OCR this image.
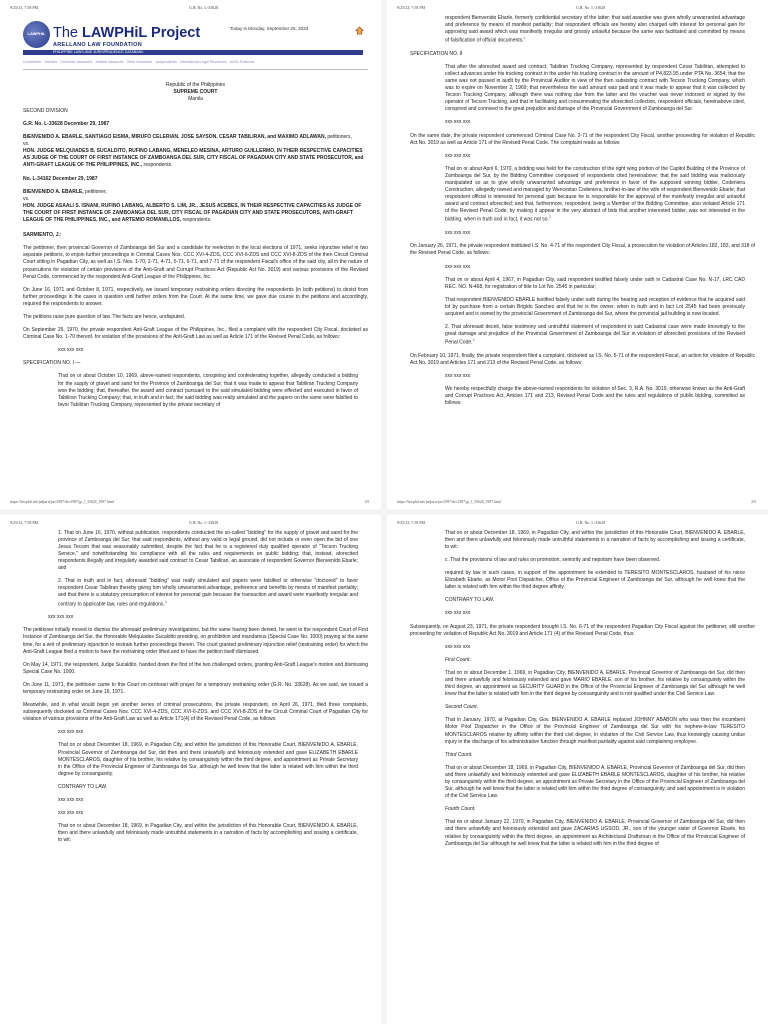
9/25/23, 7:58 PM	G.R. No. L-33628
LAWPHiL The LAWPHiL Project
ARELLANO LAW FOUNDATION
PHILIPPINE LAWS AND JURISPRUDENCE DATABANK
Today is Monday, September 25, 2023
Constitution Statutes Executive Issuances Judicial Issuances Other Issuances Jurisprudence International Legal Resources AUSL Exclusive
Republic of the Philippines
SUPREME COURT
Manila

SECOND DIVISION

G.R. No. L-33628 December 29, 1987

BIENVENIDO A. EBARLE, SANTIAGO EISMA, MIRUFO CELERIAN, JOSE SAYSON, CESAR TABILIRAN, and MAXIMO ADLAWAN, petitioners,
vs.
HON. JUDGE MELQUIADES B. SUCALDITO, RUFINO LABANG, MENELEO MESINA, ARTURO GUILLERMO, IN THEIR RESPECTIVE CAPACITIES AS JUDGE OF THE COURT OF FIRST INSTANCE OF ZAMBOANGA DEL SUR, CITY FISCAL OF PAGADIAN CITY AND STATE PROSECUTOR, and ANTI-GRAFT LEAGUE OF THE PHILIPPINES, INC., respondents.

No. L-34162 December 29, 1987

BIENVENIDO A. EBARLE, petitioner,
vs.
HON. JUDGE ASAALI S. ISNANI, RUFINO LABANG, ALBERTO S. LIM, JR., JESUS ACEBES, IN THEIR RESPECTIVE CAPACITIES AS JUDGE OF THE COURT OF FIRST INSTANCE OF ZAMBOANGA DEL SUR, CITY FISCAL OF PAGADIAN CITY AND STATE PROSECUTORS, ANTI-GRAFT LEAGUE OF THE PHILIPPINES, INC., and ARTEMIO ROMANILLOS, respondents.

SARMIENTO, J.:

The petitioner, then provincial Governor of Zamboanga del Sur and a candidate for reelection in the local elections of 1971, seeks injunctive relief in two separate petitions, to enjoin further proceedings in Criminal Cases Nos. CCC XVI-4-ZDS, CCC XVI-6-ZDS and CCC XVI-8-ZDS of the then Circuit Criminal Court sitting in Pagadian City, as well as I.S. Nos. 1-70, 2-71, 4-71, 5-71, 6-71, and 7-71 of the respondent Fiscal's office of the said city, all in the nature of prosecutions for violation of certain provisions of the Anti-Graft and Corrupt Practices Act (Republic Act No. 3019) and various provisions of the Revised Penal Code, commenced by the respondent Anti-Graft League of the Philippines, Inc.

On June 16, 1971 and October 8, 1971, respectively, we issued temporary restraining orders directing the respondents (in both petitions) to desist from further proceedings in the cases in question until further orders from the Court. At the same time, we gave due course to the petitions and accordingly, required the respondents to answer.

The petitions raise pure question of law. The facts are hence, undisputed.

On September 26, 1970, the private respondent Anti-Graft League of the Philippines, Inc., filed a complaint with the respondent City Fiscal, docketed as Criminal Case No. 1-70 thereof, for violation of the provisions of the Anti-Graft Law as well as Article 171 of the Revised Penal Code, as follows:

xxx xxx xxx

SPECIFICATION NO. I —

That on or about October 10, 1969, above-named respondents, conspiring and confederating together, allegedly conducted a bidding for the supply of gravel and sand for the Province of Zamboanga del Sur; that it was made to appear that Tabiliran Trucking Company won the bidding; that, thereafter, the award and contract pursuant to the said simulated bidding were effected and executed in favor of Tabiliran Trucking Company; that, in truth and in fact, the said bidding was really simulated and the papers on the same were falsified to favor Tabiliran Trucking Company, represented by the private secretary of

https://lawphil.net/judjuris/juri1987/dec1987/gr_l_33628_1987.html	1/9
9/25/23, 7:58 PM	G.R. No. L-33628

respondent Bienvenido Ebarle, formerly confidential secretary of the latter; that said awardee was given wholly unwarranted advantage and preference by means of manifest partiality; that respondent officials are hereby also charged with interest for personal gain for approving said award which was manifestly irregular and grossly unlawful because the same was facilitated and committed by means of falsification of official documents.$^1$

SPECIFICATION NO. II

That after the aforecited award and contract, Tabiliran Trucking Company, represented by respondent Cesar Tabiliran, attempted to collect advances under his trucking contract in the under his trucking contract in the amount of P4,823.95 under PTA No. 3654; that the same was not passed in audit by the Provincial Auditor in view of the then subsisting contract with Tecson Trucking Company, which was to expire on November 2, 1969; that nevertheless the said amount was paid and it was made to appear that it was collected by Tecson Trucking Company, although there was nothing due from the latter and the voucher was never indorsed or signed by the operator of Tecson Trucking, and that in facilitating and consummating the aforecited collection, respondent officials, hereinabove cited, conspired and connived to the great prejudice and damage of the Provincial Government of Zamboanga del Sur.

xxx xxx xxx

On the same date, the private respondent commenced Criminal Case No. 2-71 of the respondent City Fiscal, another proceeding for violation of Republic Act No. 3019 as well as Article 171 of the Revised Penal Code. The complaint reads as follows:

xxx xxx xxx

That on or about April 6, 1970, a bidding was held for the construction of the right wing portion of the Capitol Building of the Province of Zamboanga del Sur, by the Bidding Committee composed of respondents cited hereinabove; that the said bidding was maliciously manipulated so as to give wholly unwarranted advantage and preference in favor of the supposed winning bidder, Codeniera Construction, allegedly owned and managed by Wenceslao Codeniera, brother-in-law of the wife of respondent Bienvenido Ebarle; that respondent official is interested for personal gain because he is responsible for the approval of the manifestly irregular and unlawful award and contract aforecited; and that, furthermore, respondent, being a Member of the Bidding Committee, also violated Article 171 of the Revised Penal Code, by making it appear in the very abstract of bids that another interested bidder, was not interested in the bidding, when in truth and in fact, it was not so.$^2$

xxx xxx xxx

On January 26, 1971, the private respondent instituted I.S. No. 4-71 of the respondent City Fiscal, a prosecution for violation of Articles 182, 183, and 318 of the Revised Penal Code, as follows:

xxx xxx xxx

That on or about April 4, 1967, in Pagadian City, said respondent testified falsely under oath in Cadastral Case No. N-17, LRC CAD REC. NO. N-468, for registration of title to Lot No. 2545 in particular;

That respondent BIENVENIDO EBARLE testified falsely under oath during the hearing and reception of evidence that he acquired said lot by purchase from a certain Brigido Sanchez and that he is the owner, when in truth and in fact Lot 2545 had been previously acquired and is owned by the provincial Government of Zamboanga del Sur, where the provincial jail building is now located.

2. That aforesaid deceit, false testimony and untruthful statement of respondent in said Cadastral case were made knowingly to the great damage and prejudice of the Provincial Government of Zamboanga del Sur in violation of aforecited provisions of the Revised Penal Code.$^3$

On February 10, 1971, finally, the private respondent filed a complaint, docketed as I.S. No. 5-71 of the respondent Fiscal, an action for violation of Republic Act No. 3019 and Articles 171 and 213 of the Revised Penal Code, as follows:

xxx xxx xxx

We hereby respectfully charge the above-named respondents for violation of Sec. 3, R.A. No. 3019, otherwise known as the Anti-Graft and Corrupt Practices Act, Articles 171 and 213, Revised Penal Code and the rules and regulations of public bidding, committed as follows:

https://lawphil.net/judjuris/juri1987/dec1987/gr_l_33628_1987.html	2/9
9/25/23, 7:58 PM	G.R. No. L-33628

1. That on June 16, 1970, without publication, respondents conducted the so-called "bidding" for the supply of gravel and sand for the province of Zamboanga del Sur; that said respondents, without any valid or legal ground, did not include or even open the bid of one Jesus Tecson that was seasonably submitted, despite the fact that he is a registered duly qualified operator of "Tecson Trucking Service," and notwithstanding his compliance with all the rules and requirements on public bidding; that, instead, aforecited respondents illegally and irregularly awarded said contract to Cesar Tabiliran, an associate of respondent Governor Bienvenido Ebarle; and

2. That in truth and in fact, aforesaid "bidding" was really simulated and papers were falsified or otherwise "doctored" to favor respondent Cesar Tabiliran thereby giving him wholly unwarranted advantage, preference and benefits by means of manifest partiality; and that there is a statutory presumption of interest for personal gain because the transaction and award were manifestly irregular and contrary to applicable law, rules and regulations.$^4$

xxx xxx xxx

The petitioner initially moved to dismiss the aforesaid preliminary investigations, but the same having been denied, he went to the respondent Court of First Instance of Zamboanga del Sur, the Honorable Melquiades Sucaldito presiding, on prohibition and mandamus (Special Case No. 1000) praying at the same time, for a writ of preliminary injunction to restrain further proceedings therein. The court granted preliminary injunction relief (restraining order) for which the Anti-Graft League filed a motion to have the restraining order lifted and to have the petition itself dismissed.

On May 14, 1971, the respondent, Judge Sucaldito, handed down the first of the two challenged orders, granting Anti-Graft League's motion and dismissing Special Case No. 1000.

On June 11, 1971, the petitioner came to this Court on certiorari with prayer for a temporary restraining order (G.R. No. 33628). As we said, we issued a temporary restraining order on June 16, 1971.

Meanwhile, and in what would begin yet another series of criminal prosecutions, the private respondent, on April 26, 1971, filed three complaints, subsequently docketed as Criminal Cases Nos. CCC XVI-4-ZDS, CCC XVI-6-ZDS, and CCC XVI-8-ZDS of the Circuit Criminal Court of Pagadian City for violation of various provisions of the Anti-Graft Law as well as Article 171(4) of the Revised Penal Code, as follows:

xxx xxx xxx

That on or about December 18, 1969, in Pagadian City, and within the jurisdiction of this Honorable Court, BIENVENIDO A. EBARLE, Provincial Governor of Zamboanga del Sur, did then and there unlawfully and feloniously extended and gave ELIZABETH EBARLE MONTESCLAROS, daughter of his brother, his relative by consanguinity within the third degree, and appointment as Private Secretary in the Office of the Provincial Engineer of Zamboanga del Sur, although he well knew that the latter is related with him within the third degree by consanguinity.

CONTRARY TO LAW.

xxx xxx xxx

xxx xxx xxx

That on or about December 18, 1969, in Pagadian City, and within the jurisdiction of this Honorable Court, BIENVENIDO A. EBARLE, then and there unlawfully and feloniously made untruthful statements in a narration of facts by accomplishing and issuing a certificate, to wit:

9/25/23, 7:58 PM	G.R. No. L-33628

That on or about December 18, 1969, in Pagadian City, and within the jurisdiction of this Honorable Court, BIENVENIDO A. EBARLE, then and there unlawfully and feloniously made untruthful statements in a narration of facts by accomplishing and issuing a certificate, to wit:

c. That the provisions of law and rules on promotion, seniority and nepotism have been observed.

required by law in such cases, in support of the appointment he extended to TERESITO MONTESCLAROS, husband of his niece Elizabeth Ebarle, as Motor Pool Dispatcher, Office of the Provincial Engineer of Zamboanga del Sur, although he well knew that the latter is related with him within the third degree affinity.

CONTRARY TO LAW.

xxx xxx xxx

Subsequently, on August 23, 1971, the private respondent brought I.S. No. 6-71 of the respondent Pagadian City Fiscal against the petitioner, still another proceeding for violation of Republic Act No. 3019 and Article 171 (4) of the Revised Penal Code, thus:

xxx xxx xxx

First Count.

That on or about December 1, 1969, in Pagadian City, BIENVENIDO A. EBARLE, Provincial Governor of Zamboanga del Sur, did then and there unlawfully and feloniously extended and gave MARIO EBARLE, son of his brother, his relative by consanguinity within the third degree, an appointment as SECURITY GUARD in the Office of the Provincial Engineer of Zamboanga del Sur although he well knew that the latter is related with him in the third degree by consanguinity and is not qualified under the Civil Service Law.

Second Count.

That in January, 1970, at Pagadian City, Gov. BIENVENIDO A. EBARLE replaced JOHNNY ABABON who was then the incumbent Motor Pool Dispatcher in the Office of the Provincial Engineer of Zamboanga del Sur with his nephew-in-law TERESITO MONTESCLAROS relative by affinity within the third civil degree, in violation of the Civil Service Law, thus knowingly causing undue injury in the discharge of his administrative function through manifest partiality against said complaining employee.

Third Count.

That on or about December 18, 1969, in Pagadian City, BIENVENIDO A. EBARLE, Provincial Governor of Zamboanga del Sur, did then and there unlawfully and feloniously extended and gave ELIZABETH EBARLE MONTESCLAROS, daughter of his brother, his relative by consanguinity within the third degree, an appointment as Private Secretary in the Office of the Provincial Engineer of Zamboanga del Sur, although he well knew that the latter is related with him within the third degree of consanguinity, and said appointment is in violation of the Civil Service Law.

Fourth Count.

That on or about January 22, 1970, in Pagadian City, BIENVENIDO A. EBARLE, Provincial Governor of Zamboanga del Sur, did then and there unlawfully and feloniously extended and gave ZACARIAS UGSOD, JR., son of the younger sister of Governor Ebarle, his relative by consanguinity within the third degree, an appointment as Architectural Draftsman in the Office of the Provincial Engineer of Zamboanga del Sur although he well knew that the latter is related with him in the third degree of
